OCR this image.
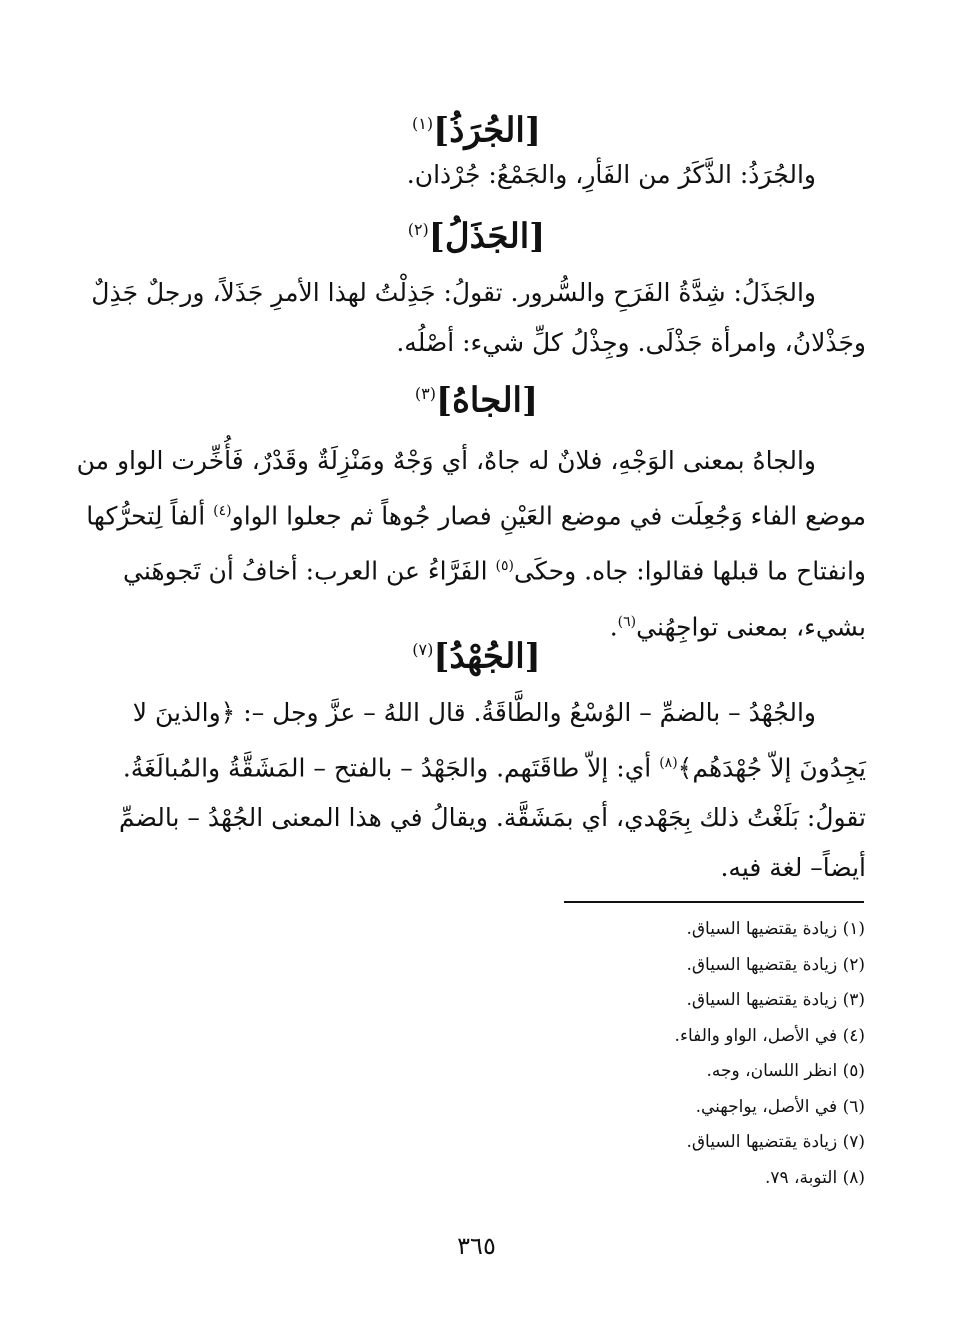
[الجُرَذُ]$^{(١)}$
والجُرَذُ: الذَّكَرُ من الفَأرِ، والجَمْعُ: جُرْذان.
[الجَذَلُ]$^{(٢)}$
والجَذَلُ: شِدَّةُ الفَرَحِ والسُّرور. تقولُ: جَذِلْتُ لهذا الأمرِ جَذَلاً، ورجلٌ جَذِلٌ
وجَذْلانُ، وامرأة جَذْلَى. وجِذْلُ كلِّ شيء: أصْلُه.
[الجاهُ]$^{(٣)}$
والجاهُ بمعنى الوَجْهِ، فلانٌ له جاهٌ، أي وَجْهٌ ومَنْزِلَةٌ وقَدْرٌ، فَأُخِّرت الواو من
موضع الفاء وَجُعِلَت في موضع العَيْنِ فصار جُوهاً ثم جعلوا الواو$^{(٤)}$ ألفاً لِتحرُّكها
وانفتاح ما قبلها فقالوا: جاه. وحكَى$^{(٥)}$ الفَرَّاءُ عن العرب: أخافُ أن تَجوهَني
بشيء، بمعنى تواجِهُني$^{(٦)}$.
[الجُهْدُ]$^{(٧)}$
والجُهْدُ – بالضمِّ – الوُسْعُ والطَّاقَةُ. قال اللهُ – عزَّ وجل –: ﴿والذينَ لا
يَجِدُونَ إلاّ جُهْدَهُم﴾$^{(٨)}$ أي: إلاّ طاقَتَهم. والجَهْدُ – بالفتح – المَشَقَّةُ والمُبالَغَةُ.
تقولُ: بَلَغْتُ ذلك بِجَهْدي، أي بمَشَقَّة. ويقالُ في هذا المعنى الجُهْدُ – بالضمِّ
أيضاً– لغة فيه.
(١) زيادة يقتضيها السياق.
(٢) زيادة يقتضيها السياق.
(٣) زيادة يقتضيها السياق.
(٤) في الأصل، الواو والفاء.
(٥) انظر اللسان، وجه.
(٦) في الأصل، يواجهني.
(٧) زيادة يقتضيها السياق.
(٨) التوبة، ٧٩.
٣٦٥
